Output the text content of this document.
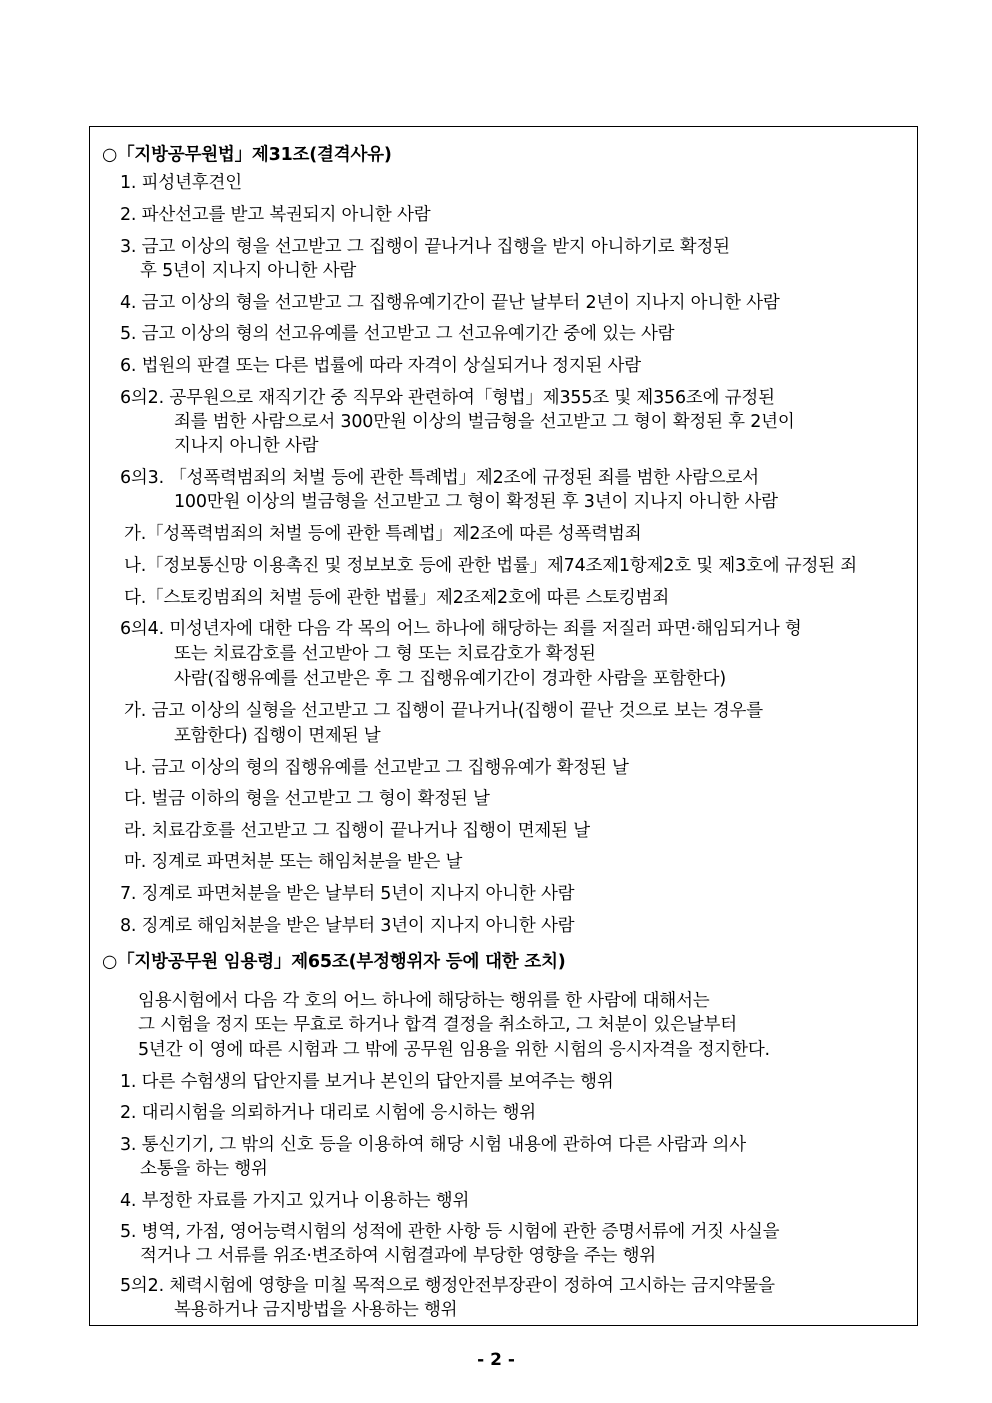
○「지방공무원법」제31조(결격사유)
1. 피성년후견인
2. 파산선고를 받고 복권되지 아니한 사람
3. 금고 이상의 형을 선고받고 그 집행이 끝나거나 집행을 받지 아니하기로 확정된
후 5년이 지나지 아니한 사람
4. 금고 이상의 형을 선고받고 그 집행유예기간이 끝난 날부터 2년이 지나지 아니한 사람
5. 금고 이상의 형의 선고유예를 선고받고 그 선고유예기간 중에 있는 사람
6. 법원의 판결 또는 다른 법률에 따라 자격이 상실되거나 정지된 사람
6의2. 공무원으로 재직기간 중 직무와 관련하여「형법」제355조 및 제356조에 규정된
죄를 범한 사람으로서 300만원 이상의 벌금형을 선고받고 그 형이 확정된 후 2년이
지나지 아니한 사람
6의3. 「성폭력범죄의 처벌 등에 관한 특례법」제2조에 규정된 죄를 범한 사람으로서
100만원 이상의 벌금형을 선고받고 그 형이 확정된 후 3년이 지나지 아니한 사람
가.「성폭력범죄의 처벌 등에 관한 특례법」제2조에 따른 성폭력범죄
나.「정보통신망 이용촉진 및 정보보호 등에 관한 법률」제74조제1항제2호 및 제3호에 규정된 죄
다.「스토킹범죄의 처벌 등에 관한 법률」제2조제2호에 따른 스토킹범죄
6의4. 미성년자에 대한 다음 각 목의 어느 하나에 해당하는 죄를 저질러 파면·해임되거나 형
또는 치료감호를 선고받아 그 형 또는 치료감호가 확정된
사람(집행유예를 선고받은 후 그 집행유예기간이 경과한 사람을 포함한다)
가. 금고 이상의 실형을 선고받고 그 집행이 끝나거나(집행이 끝난 것으로 보는 경우를
포함한다) 집행이 면제된 날
나. 금고 이상의 형의 집행유예를 선고받고 그 집행유예가 확정된 날
다. 벌금 이하의 형을 선고받고 그 형이 확정된 날
라. 치료감호를 선고받고 그 집행이 끝나거나 집행이 면제된 날
마. 징계로 파면처분 또는 해임처분을 받은 날
7. 징계로 파면처분을 받은 날부터 5년이 지나지 아니한 사람
8. 징계로 해임처분을 받은 날부터 3년이 지나지 아니한 사람
○「지방공무원 임용령」제65조(부정행위자 등에 대한 조치)
임용시험에서 다음 각 호의 어느 하나에 해당하는 행위를 한 사람에 대해서는
그 시험을 정지 또는 무효로 하거나 합격 결정을 취소하고, 그 처분이 있은날부터
5년간 이 영에 따른 시험과 그 밖에 공무원 임용을 위한 시험의 응시자격을 정지한다.
1. 다른 수험생의 답안지를 보거나 본인의 답안지를 보여주는 행위
2. 대리시험을 의뢰하거나 대리로 시험에 응시하는 행위
3. 통신기기, 그 밖의 신호 등을 이용하여 해당 시험 내용에 관하여 다른 사람과 의사
소통을 하는 행위
4. 부정한 자료를 가지고 있거나 이용하는 행위
5. 병역, 가점, 영어능력시험의 성적에 관한 사항 등 시험에 관한 증명서류에 거짓 사실을
적거나 그 서류를 위조·변조하여 시험결과에 부당한 영향을 주는 행위
5의2. 체력시험에 영향을 미칠 목적으로 행정안전부장관이 정하여 고시하는 금지약물을
복용하거나 금지방법을 사용하는 행위
- 2 -
